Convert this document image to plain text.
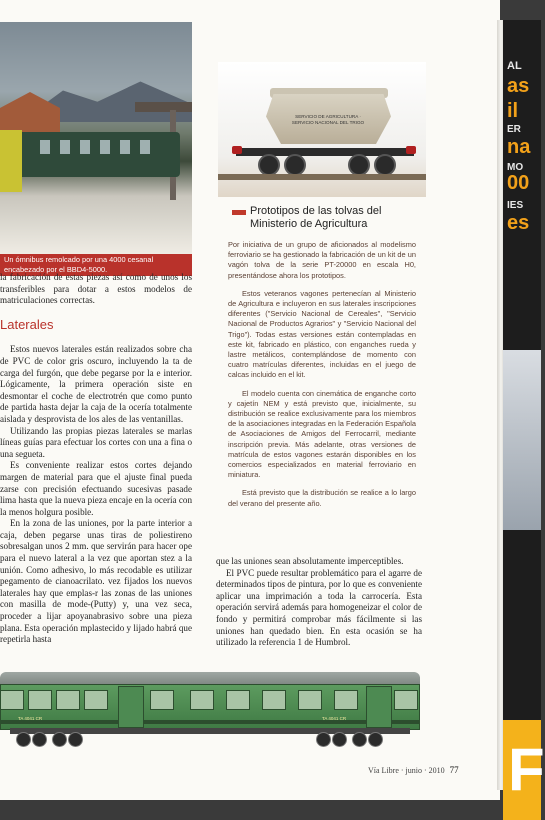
Un ómnibus remolcado por una 4000 cesanal encabezado por el BBD4-5000.
SERVICIO DE AGRICULTURA · SERVICIO NACIONAL DEL TRIGO
Prototipos de las tolvas del Ministerio de Agricultura

Por iniciativa de un grupo de aficionados al modelismo ferroviario se ha gestionado la fabricación de un kit de un vagón tolva de la serie PT-20000 en escala H0, presentándose ahora los prototipos.

Estos veteranos vagones pertenecían al Ministerio de Agricultura e incluyeron en sus laterales inscripciones diferentes ("Servicio Nacional de Cereales", "Servicio Nacional de Productos Agrarios" y "Servicio Nacional del Trigo"). Todas estas versiones están contempladas en este kit, fabricado en plástico, con enganches rueda y lastre metálicos, contemplándose de momento con cuatro matrículas diferentes, incluidas en el juego de calcas incluido en el kit.

El modelo cuenta con cinemática de enganche corto y cajetín NEM y está previsto que, inicialmente, su distribución se realice exclusivamente para los miembros de la asociaciones integradas en la Federación Española de Asociaciones de Amigos del Ferrocarril, mediante inscripción previa. Más adelante, otras versiones de matrícula de estos vagones estarán disponibles en los comercios especializados en material ferroviario en miniatura.

Está previsto que la distribución se realice a lo largo del verano del presente año.

la fabricación de estas piezas así como de unos los transferibles para dotar a estos modelos de matriculaciones correctas.

Laterales

Estos nuevos laterales están realizados sobre cha de PVC de color gris oscuro, incluyendo la ta de carga del furgón, que debe pegarse por la e interior. Lógicamente, la primera operación siste en desmontar el coche de electrotrén que como punto de partida hasta dejar la caja de la ocería totalmente aislada y desprovista de los ales de las ventanillas.

Utilizando las propias piezas laterales se marlas líneas guías para efectuar los cortes con una a fina o una segueta.

Es conveniente realizar estos cortes dejando margen de material para que el ajuste final pueda zarse con precisión efectuando sucesivas pasade lima hasta que la nueva pieza encaje en la ocería con la menos holgura posible.

En la zona de las uniones, por la parte interior a caja, deben pegarse unas tiras de poliestireno sobresalgan unos 2 mm. que servirán para hacer ope para el nuevo lateral a la vez que aportan stez a la unión. Como adhesivo, lo más recodable es utilizar pegamento de cianoacrilato. vez fijados los nuevos laterales hay que emplas-r las zonas de las uniones con masilla de mode-(Putty) y, una vez seca, proceder a lijar apoyanabrasivo sobre una pieza plana. Esta operación mplastecido y lijado habrá que repetirla hasta

que las uniones sean absolutamente imperceptibles.

El PVC puede resultar problemático para el agarre de determinados tipos de pintura, por lo que es conveniente aplicar una imprimación a toda la carrocería. Esta operación servirá además para homogeneizar el color de fondo y permitirá comprobar más fácilmente si las uniones han quedado bien. En esta ocasión se ha utilizado la referencia 1 de Humbrol.

TA 4041 CR	TA 4041 CR
Vía Libre · junio · 2010 77
AL
as
il
ER
na
MO
00
IES
es
F
